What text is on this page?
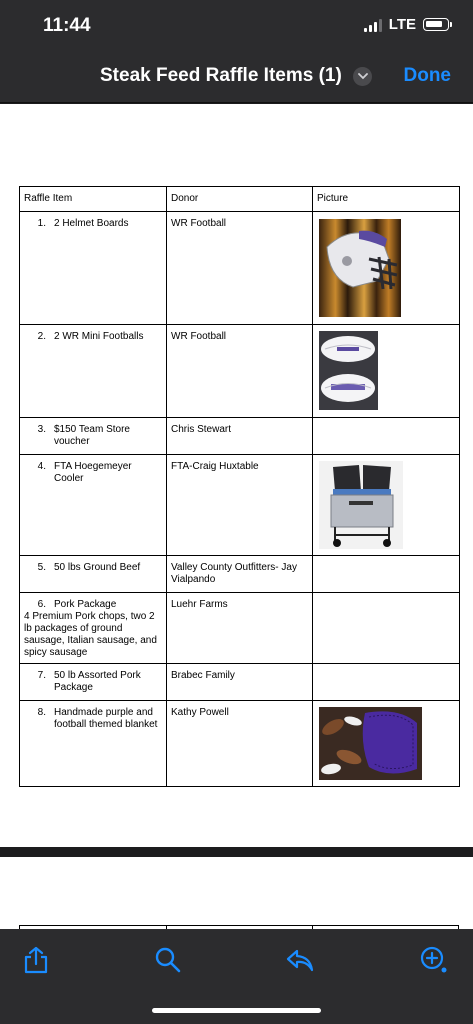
11:44	LTE
Steak Feed Raffle Items (1)	Done
Raffle Item	Donor	Picture

1. 2 Helmet Boards	WR Football	

2. 2 WR Mini Footballs	WR Football	

3. $150 Team Store voucher	Chris Stewart	

4. FTA Hoegemeyer Cooler	FTA-Craig Huxtable	

5. 50 lbs Ground Beef	Valley County Outfitters- Jay Vialpando	

6. Pork Package
4 Premium Pork chops, two 2 lb packages of ground sausage, Italian sausage, and spicy sausage	Luehr Farms	

7. 50 lb Assorted Pork Package	Brabec Family	

8. Handmade purple and football themed blanket	Kathy Powell	
